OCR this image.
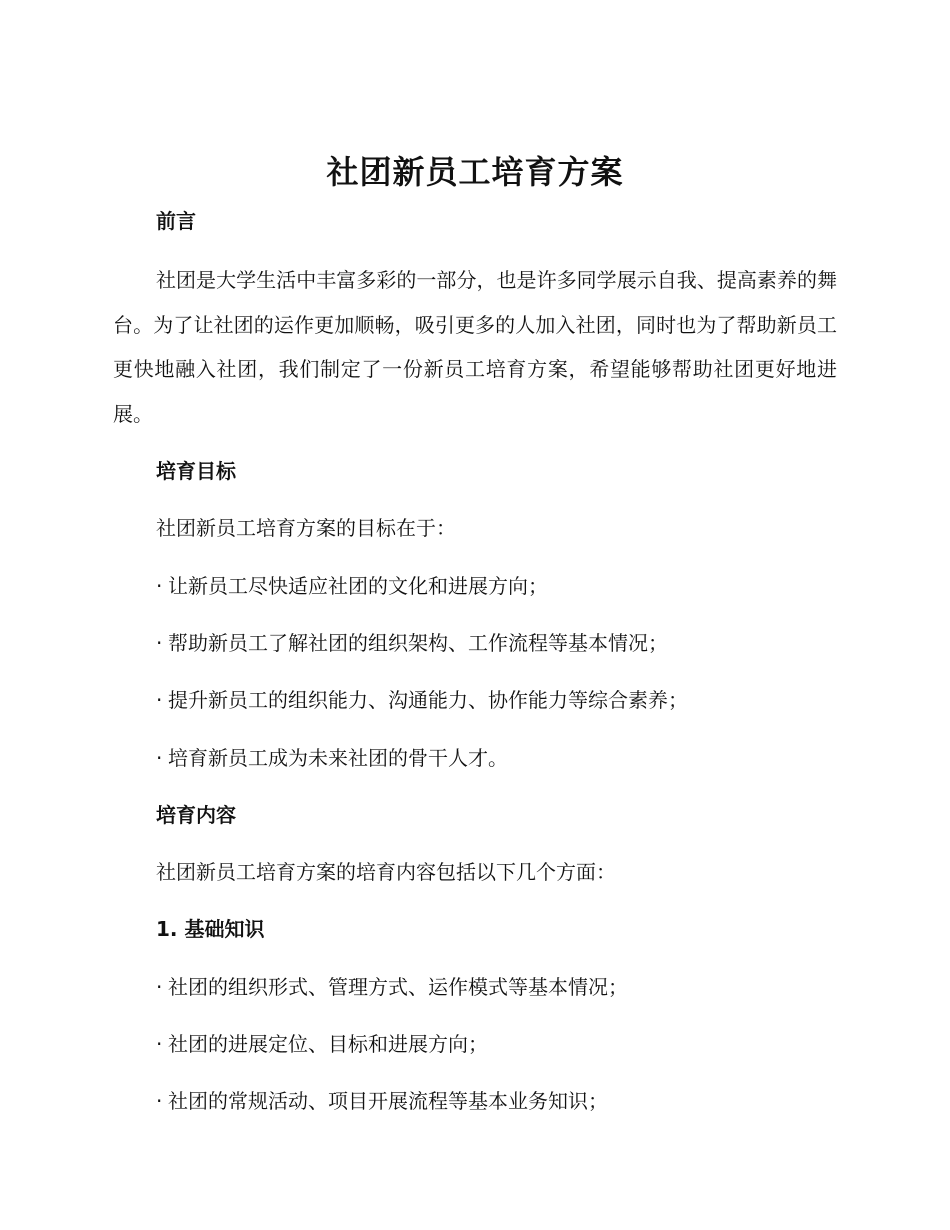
社团新员工培育方案

前言

社团是大学生活中丰富多彩的一部分，也是许多同学展示自我、提高素养的舞台。为了让社团的运作更加顺畅，吸引更多的人加入社团，同时也为了帮助新员工更快地融入社团，我们制定了一份新员工培育方案，希望能够帮助社团更好地进展。

培育目标

社团新员工培育方案的目标在于：

· 让新员工尽快适应社团的文化和进展方向；

· 帮助新员工了解社团的组织架构、工作流程等基本情况；

· 提升新员工的组织能力、沟通能力、协作能力等综合素养；

· 培育新员工成为未来社团的骨干人才。

培育内容

社团新员工培育方案的培育内容包括以下几个方面：

1. 基础知识

· 社团的组织形式、管理方式、运作模式等基本情况；

· 社团的进展定位、目标和进展方向；

· 社团的常规活动、项目开展流程等基本业务知识；
